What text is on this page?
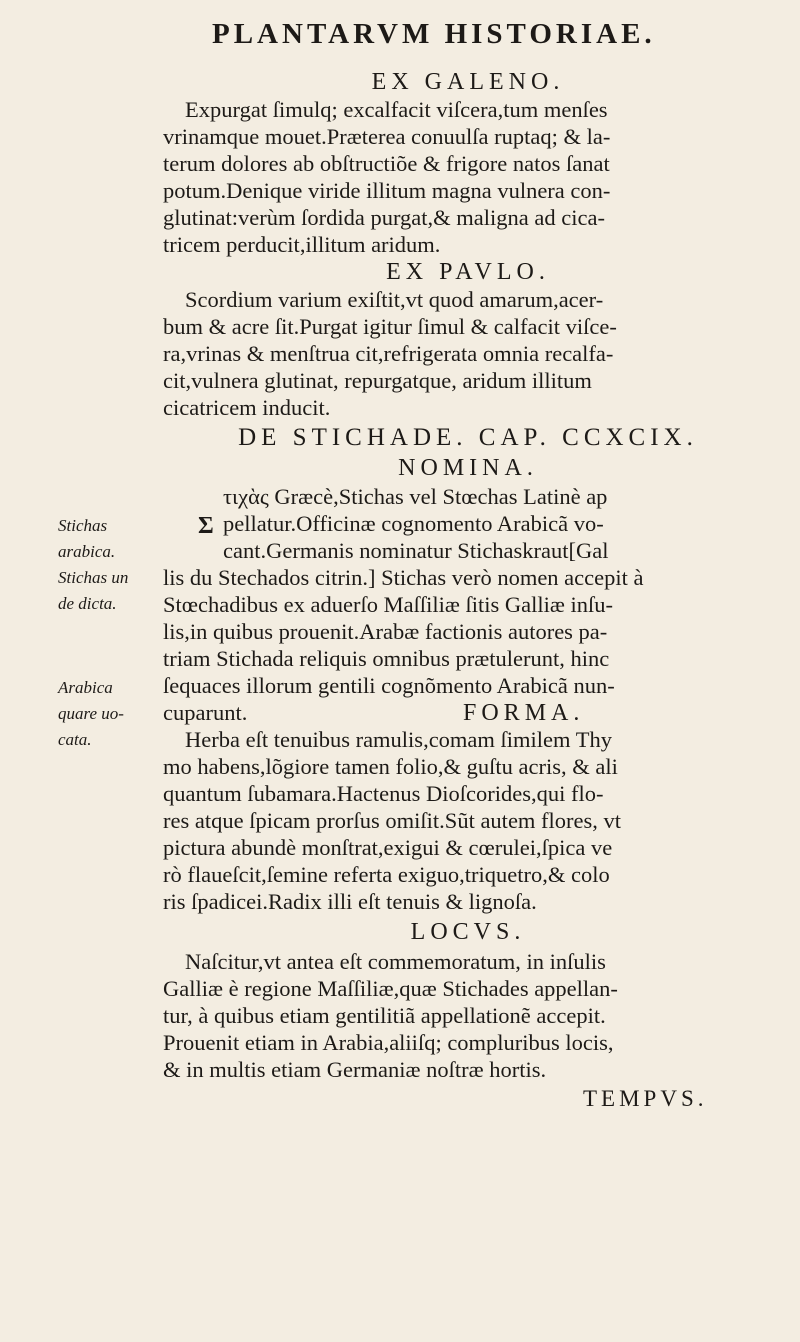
PLANTARVM HISTORIAE.
EX GALENO.
Expurgat ſimulq; excalfacit viſcera,tum menſes
vrinamque mouet.Præterea conuulſa ruptaq; & la-
terum dolores ab obſtructiõe & frigore natos ſanat
potum.Denique viride illitum magna vulnera con-
glutinat:verùm ſordida purgat,& maligna ad cica-
tricem perducit,illitum aridum.
EX PAVLO.
Scordium varium exiſtit,vt quod amarum,acer-
bum & acre ſit.Purgat igitur ſimul & calfacit viſce-
ra,vrinas & menſtrua cit,refrigerata omnia recalfa-
cit,vulnera glutinat, repurgatque, aridum illitum
cicatricem inducit.
DE STICHADE. CAP. CCXCIX.
NOMINA.
τιχὰς Græcè,Stichas vel Stœchas Latinè ap
pellatur.Officinæ cognomento Arabicã vo-
cant.Germanis nominatur Stichaskraut[Gal
lis du Stechados citrin.] Stichas verò nomen accepit à
Stœchadibus ex aduerſo Maſſiliæ ſitis Galliæ inſu-
lis,in quibus prouenit.Arabæ factionis autores pa-
triam Stichada reliquis omnibus prætulerunt, hinc
ſequaces illorum gentili cognõmento Arabicã nun-
cuparunt.	FORMA.
Herba eſt tenuibus ramulis,comam ſimilem Thy
mo habens,lõgiore tamen folio,& guſtu acris, & ali
quantum ſubamara.Hactenus Dioſcorides,qui flo-
res atque ſpicam prorſus omiſit.Sũt autem flores, vt
pictura abundè monſtrat,exigui & cœrulei,ſpica ve
rò flaueſcit,ſemine referta exiguo,triquetro,& colo
ris ſpadicei.Radix illi eſt tenuis & lignoſa.
LOCVS.
Naſcitur,vt antea eſt commemoratum, in inſulis
Galliæ è regione Maſſiliæ,quæ Stichades appellan-
tur, à quibus etiam gentilitiã appellationẽ accepit.
Prouenit etiam in Arabia,aliiſq; compluribus locis,
& in multis etiam Germaniæ noſtræ hortis.
TEMPVS.
Σ
Stichas
arabica.
Stichas un
de dicta.
Arabica
quare uo-
cata.
